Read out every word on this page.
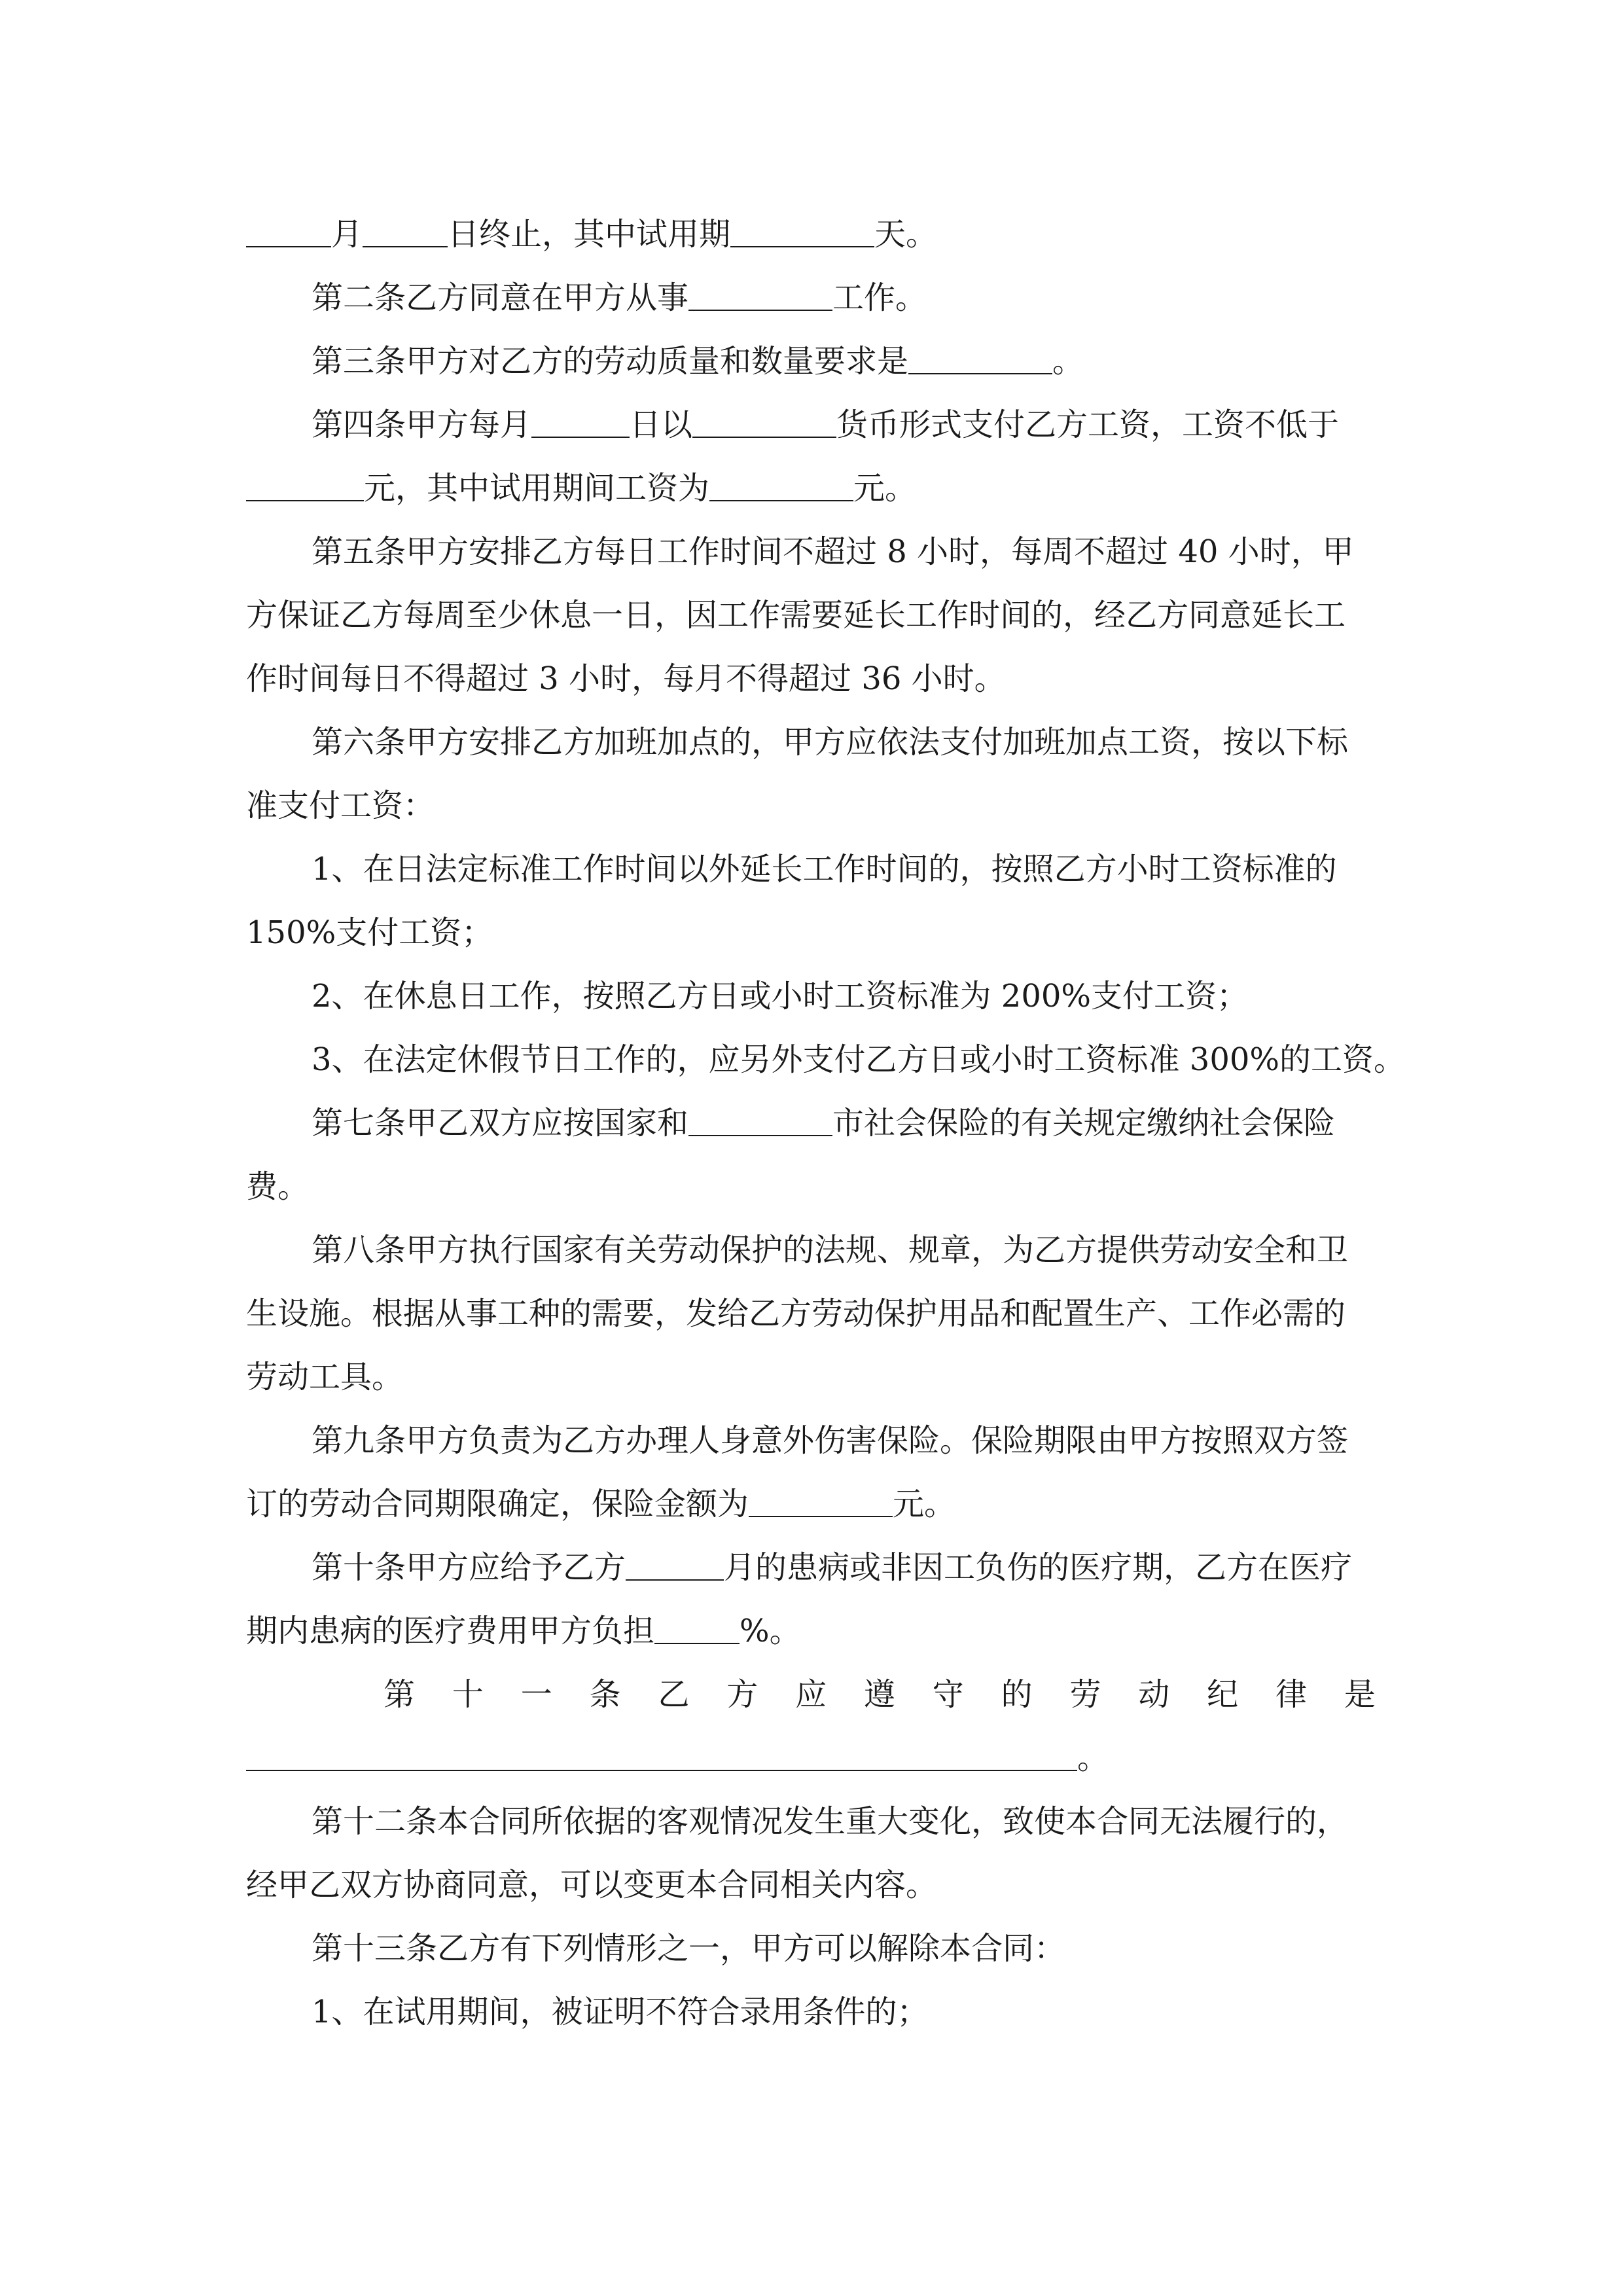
月	日终止，其中试用期	天。
第二条乙方同意在甲方从事	工作。
第三条甲方对乙方的劳动质量和数量要求是	。
第四条甲方每月	日以	货币形式支付乙方工资，工资不低于
元，其中试用期间工资为	元。
第五条甲方安排乙方每日工作时间不超过 8 小时，每周不超过 40 小时，甲
方保证乙方每周至少休息一日，因工作需要延长工作时间的，经乙方同意延长工
作时间每日不得超过 3 小时，每月不得超过 36 小时。
第六条甲方安排乙方加班加点的，甲方应依法支付加班加点工资，按以下标
准支付工资：
1、在日法定标准工作时间以外延长工作时间的，按照乙方小时工资标准的
150%支付工资；
2、在休息日工作，按照乙方日或小时工资标准为 200%支付工资；
3、在法定休假节日工作的，应另外支付乙方日或小时工资标准 300%的工资。
第七条甲乙双方应按国家和	市社会保险的有关规定缴纳社会保险
费。
第八条甲方执行国家有关劳动保护的法规、规章，为乙方提供劳动安全和卫
生设施。根据从事工种的需要，发给乙方劳动保护用品和配置生产、工作必需的
劳动工具。
第九条甲方负责为乙方办理人身意外伤害保险。保险期限由甲方按照双方签
订的劳动合同期限确定，保险金额为	元。
第十条甲方应给予乙方	月的患病或非因工负伤的医疗期，乙方在医疗
期内患病的医疗费用甲方负担	%。
第 十 一 条 乙 方 应 遵 守 的 劳 动 纪 律 是
。
第十二条本合同所依据的客观情况发生重大变化，致使本合同无法履行的，
经甲乙双方协商同意，可以变更本合同相关内容。
第十三条乙方有下列情形之一，甲方可以解除本合同：
1、在试用期间，被证明不符合录用条件的；
